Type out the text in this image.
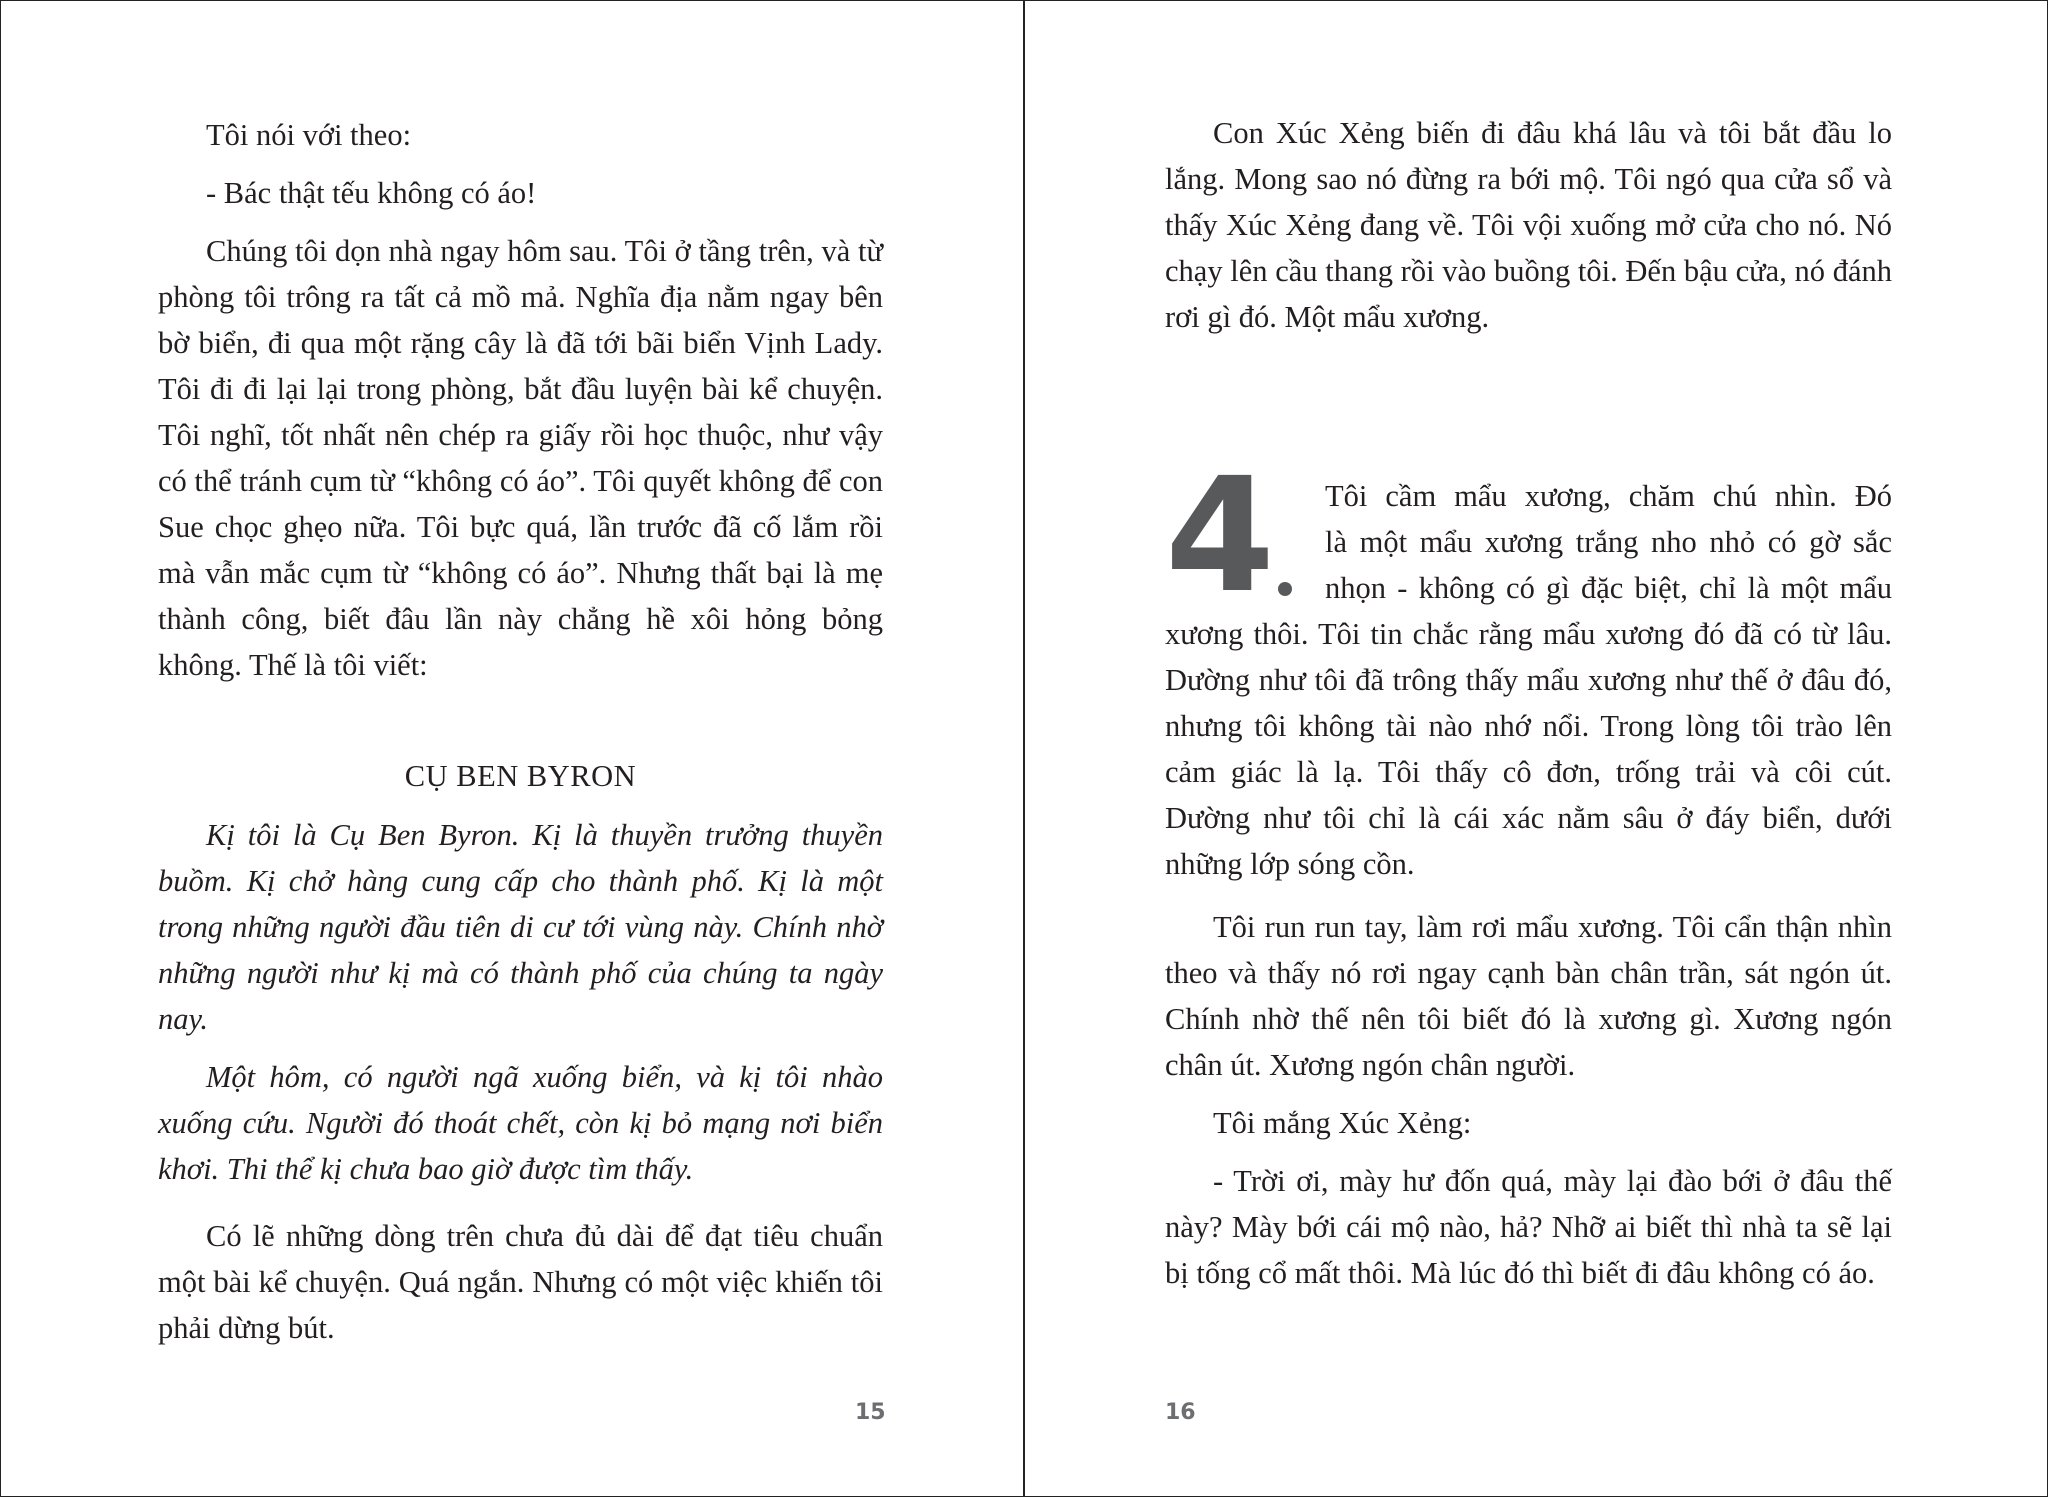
Tôi nói với theo:

- Bác thật tếu không có áo!

Chúng tôi dọn nhà ngay hôm sau. Tôi ở tầng trên, và từ phòng tôi trông ra tất cả mồ mả. Nghĩa địa nằm ngay bên bờ biển, đi qua một rặng cây là đã tới bãi biển Vịnh Lady. Tôi đi đi lại lại trong phòng, bắt đầu luyện bài kể chuyện. Tôi nghĩ, tốt nhất nên chép ra giấy rồi học thuộc, như vậy có thể tránh cụm từ “không có áo”. Tôi quyết không để con Sue chọc ghẹo nữa. Tôi bực quá, lần trước đã cố lắm rồi mà vẫn mắc cụm từ “không có áo”. Nhưng thất bại là mẹ thành công, biết đâu lần này chẳng hề xôi hỏng bỏng không. Thế là tôi viết:

CỤ BEN BYRON

Kị tôi là Cụ Ben Byron. Kị là thuyền trưởng thuyền buồm. Kị chở hàng cung cấp cho thành phố. Kị là một trong những người đầu tiên di cư tới vùng này. Chính nhờ những người như kị mà có thành phố của chúng ta ngày nay.

Một hôm, có người ngã xuống biển, và kị tôi nhào xuống cứu. Người đó thoát chết, còn kị bỏ mạng nơi biển khơi. Thi thể kị chưa bao giờ được tìm thấy.

Có lẽ những dòng trên chưa đủ dài để đạt tiêu chuẩn một bài kể chuyện. Quá ngắn. Nhưng có một việc khiến tôi phải dừng bút.

15

Con Xúc Xẻng biến đi đâu khá lâu và tôi bắt đầu lo lắng. Mong sao nó đừng ra bới mộ. Tôi ngó qua cửa sổ và thấy Xúc Xẻng đang về. Tôi vội xuống mở cửa cho nó. Nó chạy lên cầu thang rồi vào buồng tôi. Đến bậu cửa, nó đánh rơi gì đó. Một mẩu xương.

4	Tôi cầm mẩu xương, chăm chú nhìn. Đó
là một mẩu xương trắng nho nhỏ có gờ sắc
nhọn - không có gì đặc biệt, chỉ là một mẩu
xương thôi. Tôi tin chắc rằng mẩu xương đó đã có từ lâu. Dường như tôi đã trông thấy mẩu xương như thế ở đâu đó, nhưng tôi không tài nào nhớ nổi. Trong lòng tôi trào lên cảm giác là lạ. Tôi thấy cô đơn, trống trải và côi cút. Dường như tôi chỉ là cái xác nằm sâu ở đáy biển, dưới những lớp sóng cồn.

Tôi run run tay, làm rơi mẩu xương. Tôi cẩn thận nhìn theo và thấy nó rơi ngay cạnh bàn chân trần, sát ngón út. Chính nhờ thế nên tôi biết đó là xương gì. Xương ngón chân út. Xương ngón chân người.

Tôi mắng Xúc Xẻng:

- Trời ơi, mày hư đốn quá, mày lại đào bới ở đâu thế này? Mày bới cái mộ nào, hả? Nhỡ ai biết thì nhà ta sẽ lại bị tống cổ mất thôi. Mà lúc đó thì biết đi đâu không có áo.

16
